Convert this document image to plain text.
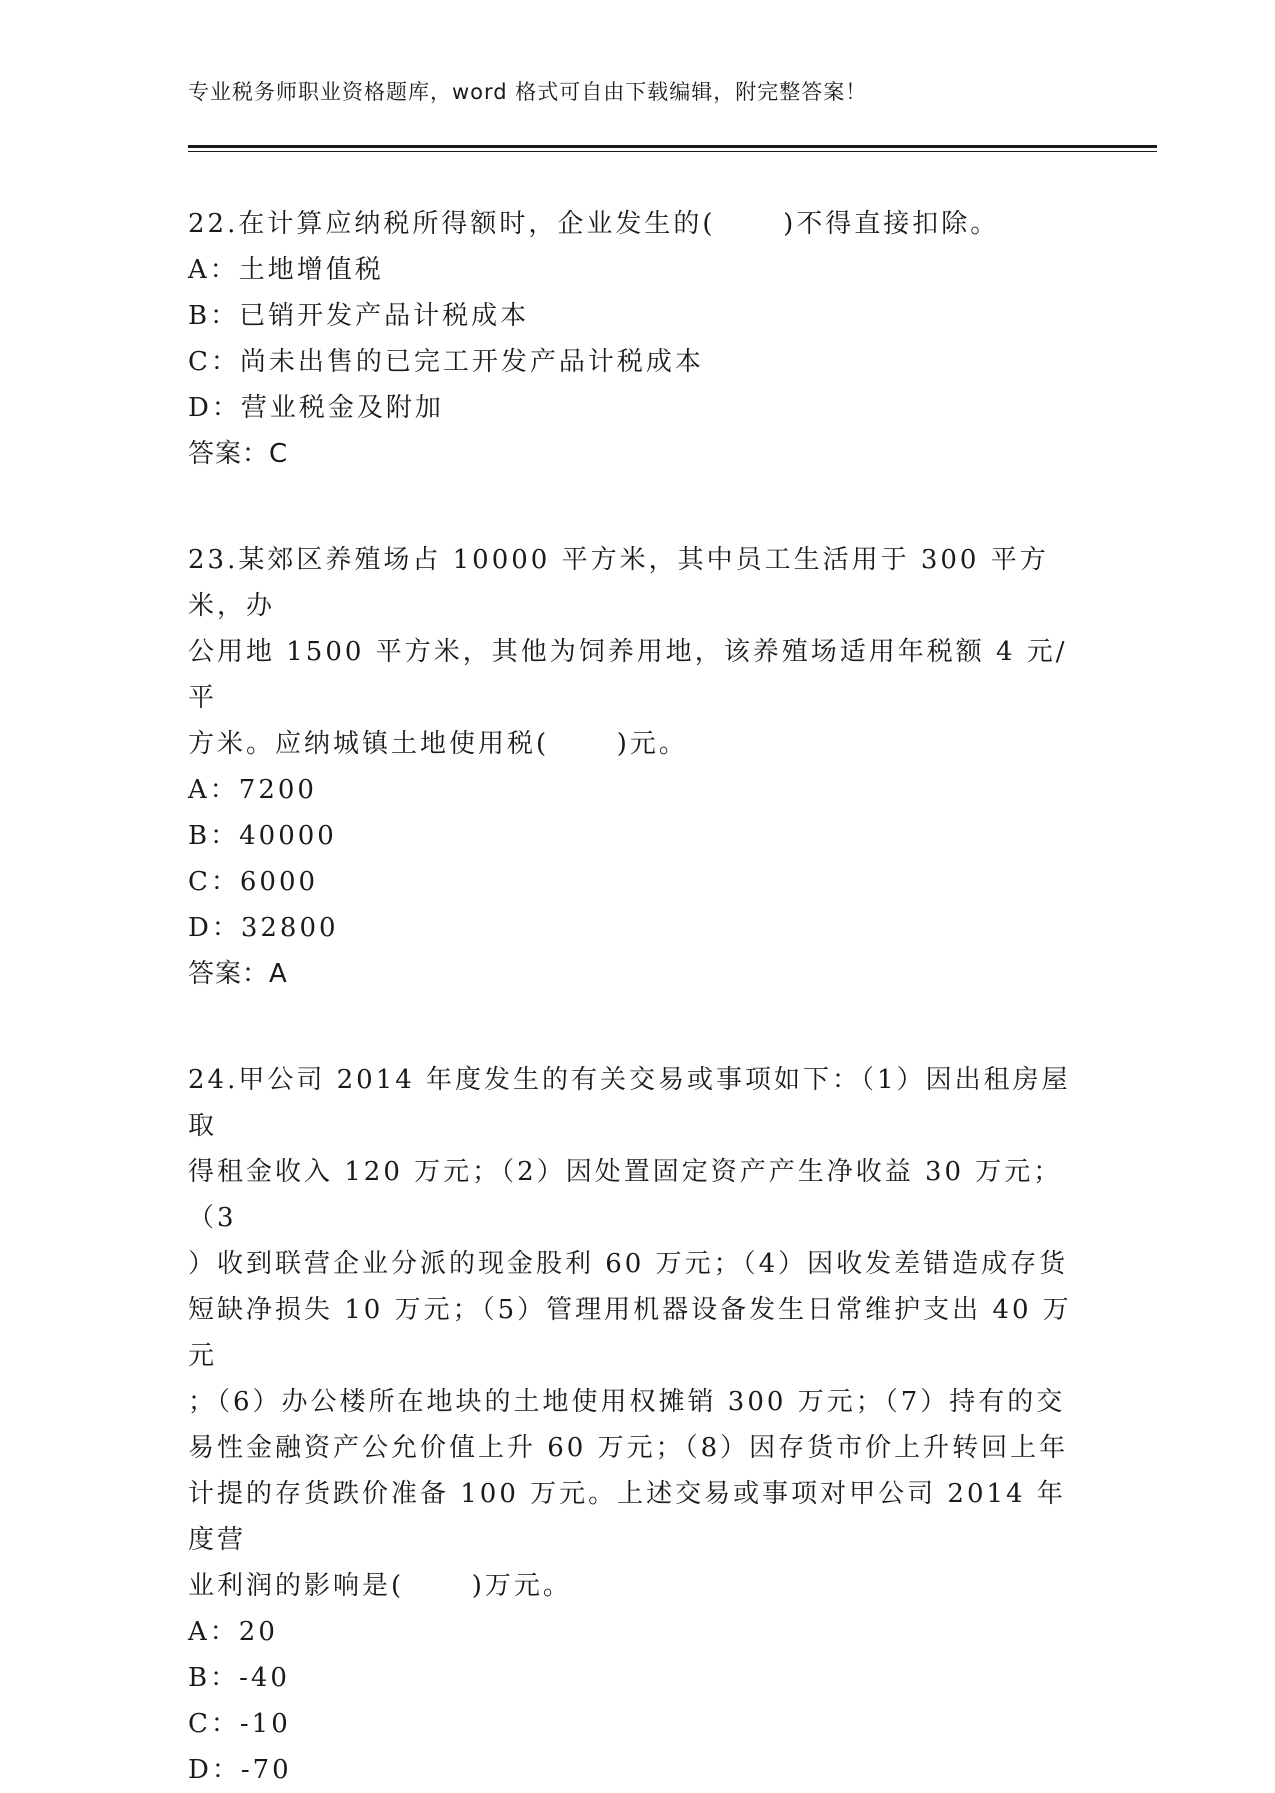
专业税务师职业资格题库，word 格式可自由下载编辑，附完整答案！

22.在计算应纳税所得额时，企业发生的(      )不得直接扣除。

A：土地增值税

B：已销开发产品计税成本

C：尚未出售的已完工开发产品计税成本

D：营业税金及附加

答案：C

23.某郊区养殖场占 10000 平方米，其中员工生活用于 300 平方米，办

公用地 1500 平方米，其他为饲养用地，该养殖场适用年税额 4 元/平

方米。应纳城镇土地使用税(      )元。

A：7200

B：40000

C：6000

D：32800

答案：A

24.甲公司 2014 年度发生的有关交易或事项如下：（1）因出租房屋取

得租金收入 120 万元；（2）因处置固定资产产生净收益 30 万元；（3

）收到联营企业分派的现金股利 60 万元；（4）因收发差错造成存货

短缺净损失 10 万元；（5）管理用机器设备发生日常维护支出 40 万元

；（6）办公楼所在地块的土地使用权摊销 300 万元；（7）持有的交

易性金融资产公允价值上升 60 万元；（8）因存货市价上升转回上年

计提的存货跌价准备 100 万元。上述交易或事项对甲公司 2014 年度营

业利润的影响是(      )万元。

A：20

B：-40

C：-10

D：-70
